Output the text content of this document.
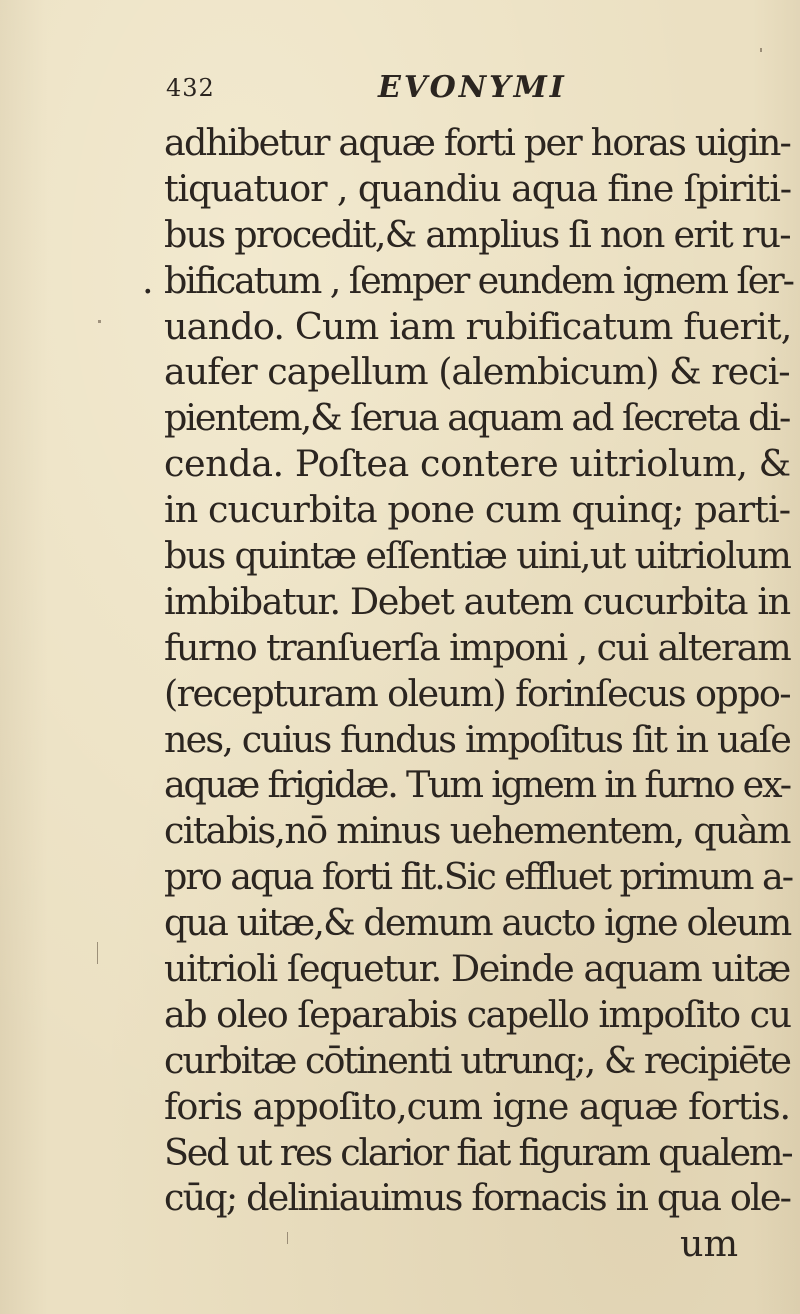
432	EVONYMI
adhibetur aquæ forti per horas uigin-
tiquatuor , quandiu aqua fine ſpiriti-
bus procedit,& amplius ſi non erit ru-
. bificatum , ſemper eundem ignem ſer-
uando. Cum iam rubificatum fuerit,
aufer capellum (alembicum) & reci-
pientem,& ſerua aquam ad ſecreta di-
cenda. Poſtea contere uitriolum, &
in cucurbita pone cum quinq; parti-
bus quintæ eſſentiæ uini,ut uitriolum
imbibatur. Debet autem cucurbita in
furno tranſuerſa imponi , cui alteram
(recepturam oleum) forinſecus oppo-
nes, cuius fundus impoſitus ſit in uaſe
aquæ frigidæ. Tum ignem in furno ex-
citabis,nō minus uehementem, quàm
pro aqua forti fit.Sic effluet primum a-
qua uitæ,& demum aucto igne oleum
uitrioli ſequetur. Deinde aquam uitæ
ab oleo ſeparabis capello impoſito cu
curbitæ cōtinenti utrunq;, & recipiēte
foris appoſito,cum igne aquæ fortis.
Sed ut res clarior fiat figuram qualem-
cūq; deliniauimus fornacis in qua ole-
um
